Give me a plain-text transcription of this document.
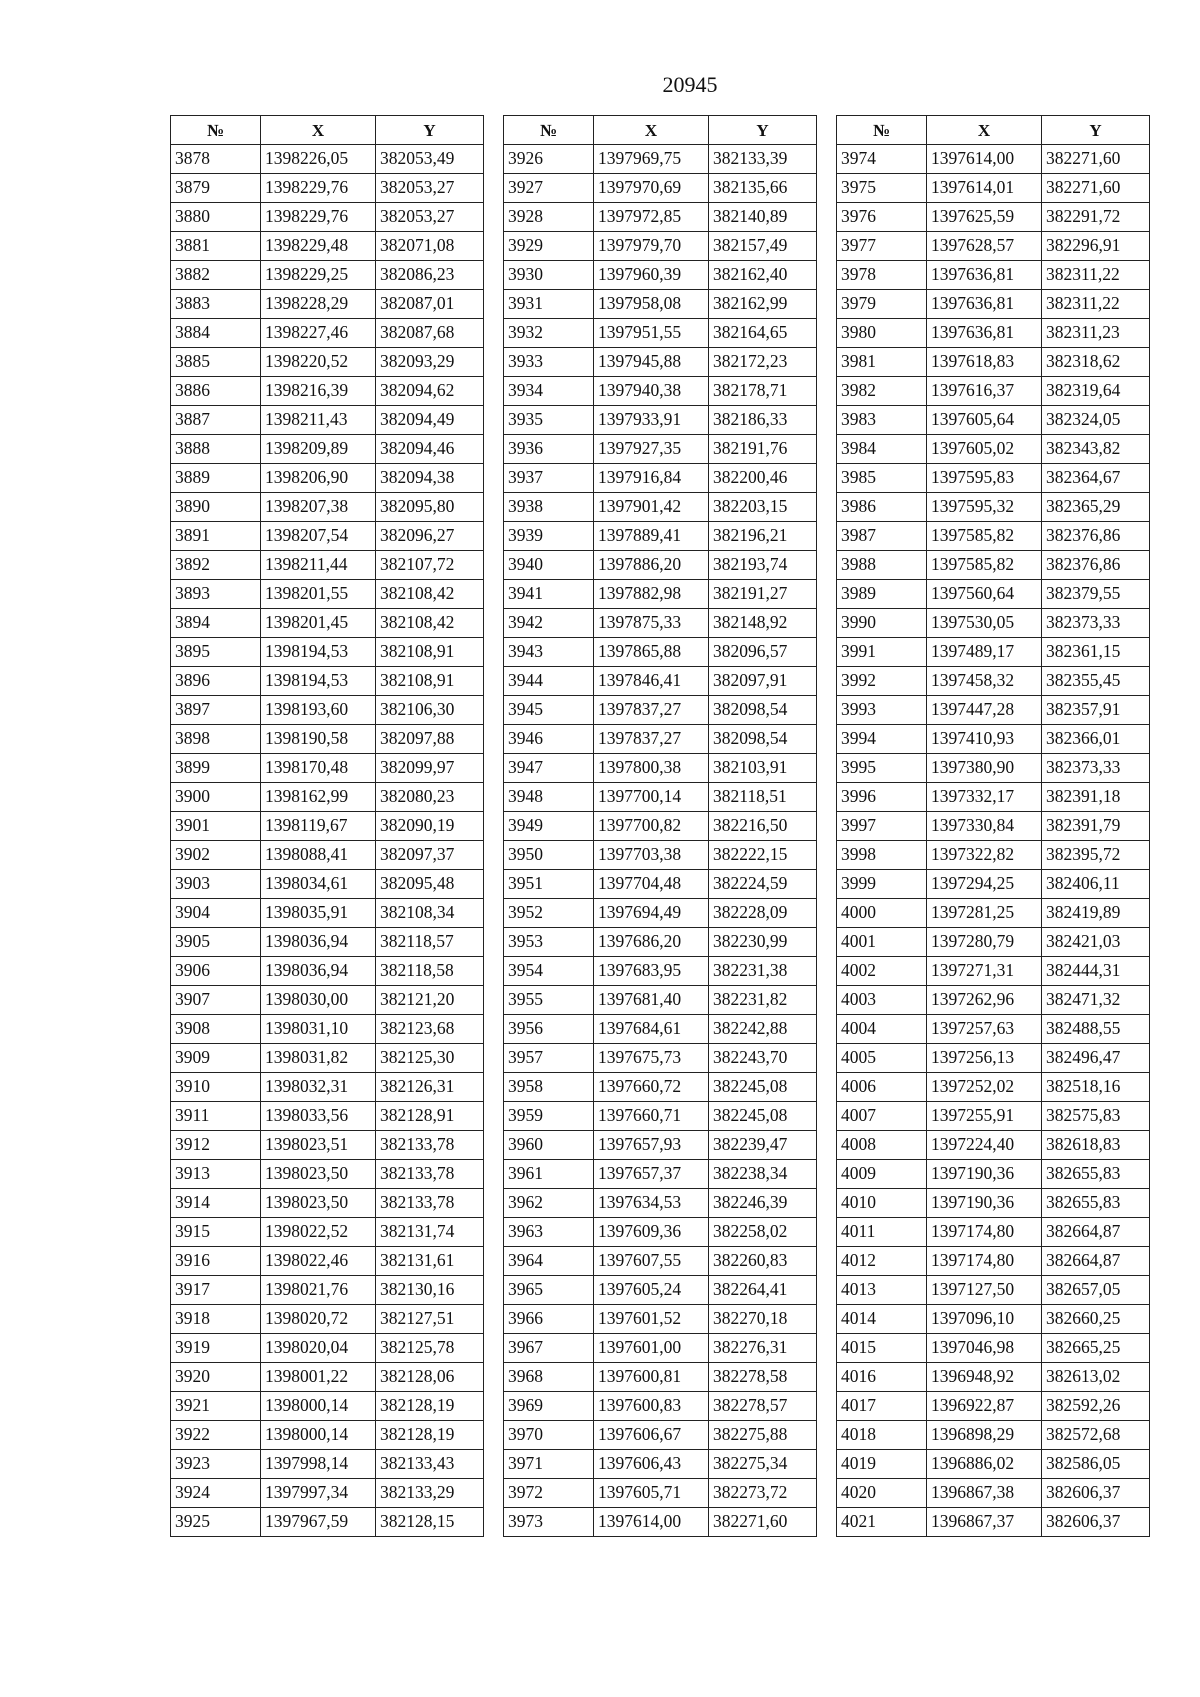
20945
№	X	Y
3878	1398226,05	382053,49
3879	1398229,76	382053,27
3880	1398229,76	382053,27
3881	1398229,48	382071,08
3882	1398229,25	382086,23
3883	1398228,29	382087,01
3884	1398227,46	382087,68
3885	1398220,52	382093,29
3886	1398216,39	382094,62
3887	1398211,43	382094,49
3888	1398209,89	382094,46
3889	1398206,90	382094,38
3890	1398207,38	382095,80
3891	1398207,54	382096,27
3892	1398211,44	382107,72
3893	1398201,55	382108,42
3894	1398201,45	382108,42
3895	1398194,53	382108,91
3896	1398194,53	382108,91
3897	1398193,60	382106,30
3898	1398190,58	382097,88
3899	1398170,48	382099,97
3900	1398162,99	382080,23
3901	1398119,67	382090,19
3902	1398088,41	382097,37
3903	1398034,61	382095,48
3904	1398035,91	382108,34
3905	1398036,94	382118,57
3906	1398036,94	382118,58
3907	1398030,00	382121,20
3908	1398031,10	382123,68
3909	1398031,82	382125,30
3910	1398032,31	382126,31
3911	1398033,56	382128,91
3912	1398023,51	382133,78
3913	1398023,50	382133,78
3914	1398023,50	382133,78
3915	1398022,52	382131,74
3916	1398022,46	382131,61
3917	1398021,76	382130,16
3918	1398020,72	382127,51
3919	1398020,04	382125,78
3920	1398001,22	382128,06
3921	1398000,14	382128,19
3922	1398000,14	382128,19
3923	1397998,14	382133,43
3924	1397997,34	382133,29
3925	1397967,59	382128,15
№	X	Y
3926	1397969,75	382133,39
3927	1397970,69	382135,66
3928	1397972,85	382140,89
3929	1397979,70	382157,49
3930	1397960,39	382162,40
3931	1397958,08	382162,99
3932	1397951,55	382164,65
3933	1397945,88	382172,23
3934	1397940,38	382178,71
3935	1397933,91	382186,33
3936	1397927,35	382191,76
3937	1397916,84	382200,46
3938	1397901,42	382203,15
3939	1397889,41	382196,21
3940	1397886,20	382193,74
3941	1397882,98	382191,27
3942	1397875,33	382148,92
3943	1397865,88	382096,57
3944	1397846,41	382097,91
3945	1397837,27	382098,54
3946	1397837,27	382098,54
3947	1397800,38	382103,91
3948	1397700,14	382118,51
3949	1397700,82	382216,50
3950	1397703,38	382222,15
3951	1397704,48	382224,59
3952	1397694,49	382228,09
3953	1397686,20	382230,99
3954	1397683,95	382231,38
3955	1397681,40	382231,82
3956	1397684,61	382242,88
3957	1397675,73	382243,70
3958	1397660,72	382245,08
3959	1397660,71	382245,08
3960	1397657,93	382239,47
3961	1397657,37	382238,34
3962	1397634,53	382246,39
3963	1397609,36	382258,02
3964	1397607,55	382260,83
3965	1397605,24	382264,41
3966	1397601,52	382270,18
3967	1397601,00	382276,31
3968	1397600,81	382278,58
3969	1397600,83	382278,57
3970	1397606,67	382275,88
3971	1397606,43	382275,34
3972	1397605,71	382273,72
3973	1397614,00	382271,60
№	X	Y
3974	1397614,00	382271,60
3975	1397614,01	382271,60
3976	1397625,59	382291,72
3977	1397628,57	382296,91
3978	1397636,81	382311,22
3979	1397636,81	382311,22
3980	1397636,81	382311,23
3981	1397618,83	382318,62
3982	1397616,37	382319,64
3983	1397605,64	382324,05
3984	1397605,02	382343,82
3985	1397595,83	382364,67
3986	1397595,32	382365,29
3987	1397585,82	382376,86
3988	1397585,82	382376,86
3989	1397560,64	382379,55
3990	1397530,05	382373,33
3991	1397489,17	382361,15
3992	1397458,32	382355,45
3993	1397447,28	382357,91
3994	1397410,93	382366,01
3995	1397380,90	382373,33
3996	1397332,17	382391,18
3997	1397330,84	382391,79
3998	1397322,82	382395,72
3999	1397294,25	382406,11
4000	1397281,25	382419,89
4001	1397280,79	382421,03
4002	1397271,31	382444,31
4003	1397262,96	382471,32
4004	1397257,63	382488,55
4005	1397256,13	382496,47
4006	1397252,02	382518,16
4007	1397255,91	382575,83
4008	1397224,40	382618,83
4009	1397190,36	382655,83
4010	1397190,36	382655,83
4011	1397174,80	382664,87
4012	1397174,80	382664,87
4013	1397127,50	382657,05
4014	1397096,10	382660,25
4015	1397046,98	382665,25
4016	1396948,92	382613,02
4017	1396922,87	382592,26
4018	1396898,29	382572,68
4019	1396886,02	382586,05
4020	1396867,38	382606,37
4021	1396867,37	382606,37
